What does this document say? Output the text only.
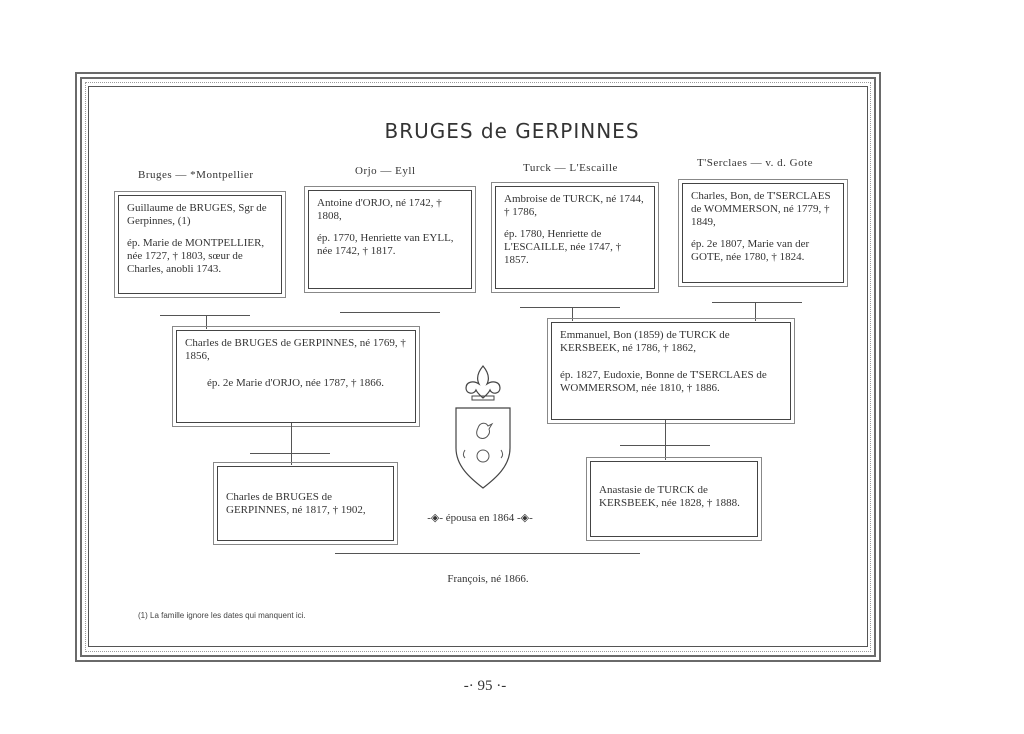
BRUGES de GERPINNES
Bruges — *Montpellier	Orjo — Eyll	Turck — L'Escaille	T'Serclaes — v. d. Gote

Guillaume de BRUGES, Sgr de Gerpinnes, (1)

ép. Marie de MONTPELLIER, née 1727, † 1803, sœur de Charles, anobli 1743.

Antoine d'ORJO, né 1742, † 1808,

ép. 1770, Henriette van EYLL, née 1742, † 1817.

Ambroise de TURCK, né 1744, † 1786,

ép. 1780, Henriette de L'ESCAILLE, née 1747, † 1857.

Charles, Bon, de T'SERCLAES de WOMMERSON, né 1779, † 1849,

ép. 2e 1807, Marie van der GOTE, née 1780, † 1824.

Charles de BRUGES de GERPINNES, né 1769, † 1856,

ép. 2e Marie d'ORJO, née 1787, † 1866.

Emmanuel, Bon (1859) de TURCK de KERSBEEK, né 1786, † 1862,

ép. 1827, Eudoxie, Bonne de T'SERCLAES de WOMMERSOM, née 1810, † 1886.

Charles de BRUGES de GERPINNES, né 1817, † 1902,

Anastasie de TURCK de KERSBEEK, née 1828, † 1888.

-◈- épousa en 1864 -◈-
François, né 1866.
(1) La famille ignore les dates qui manquent ici.
-· 95 ·-
